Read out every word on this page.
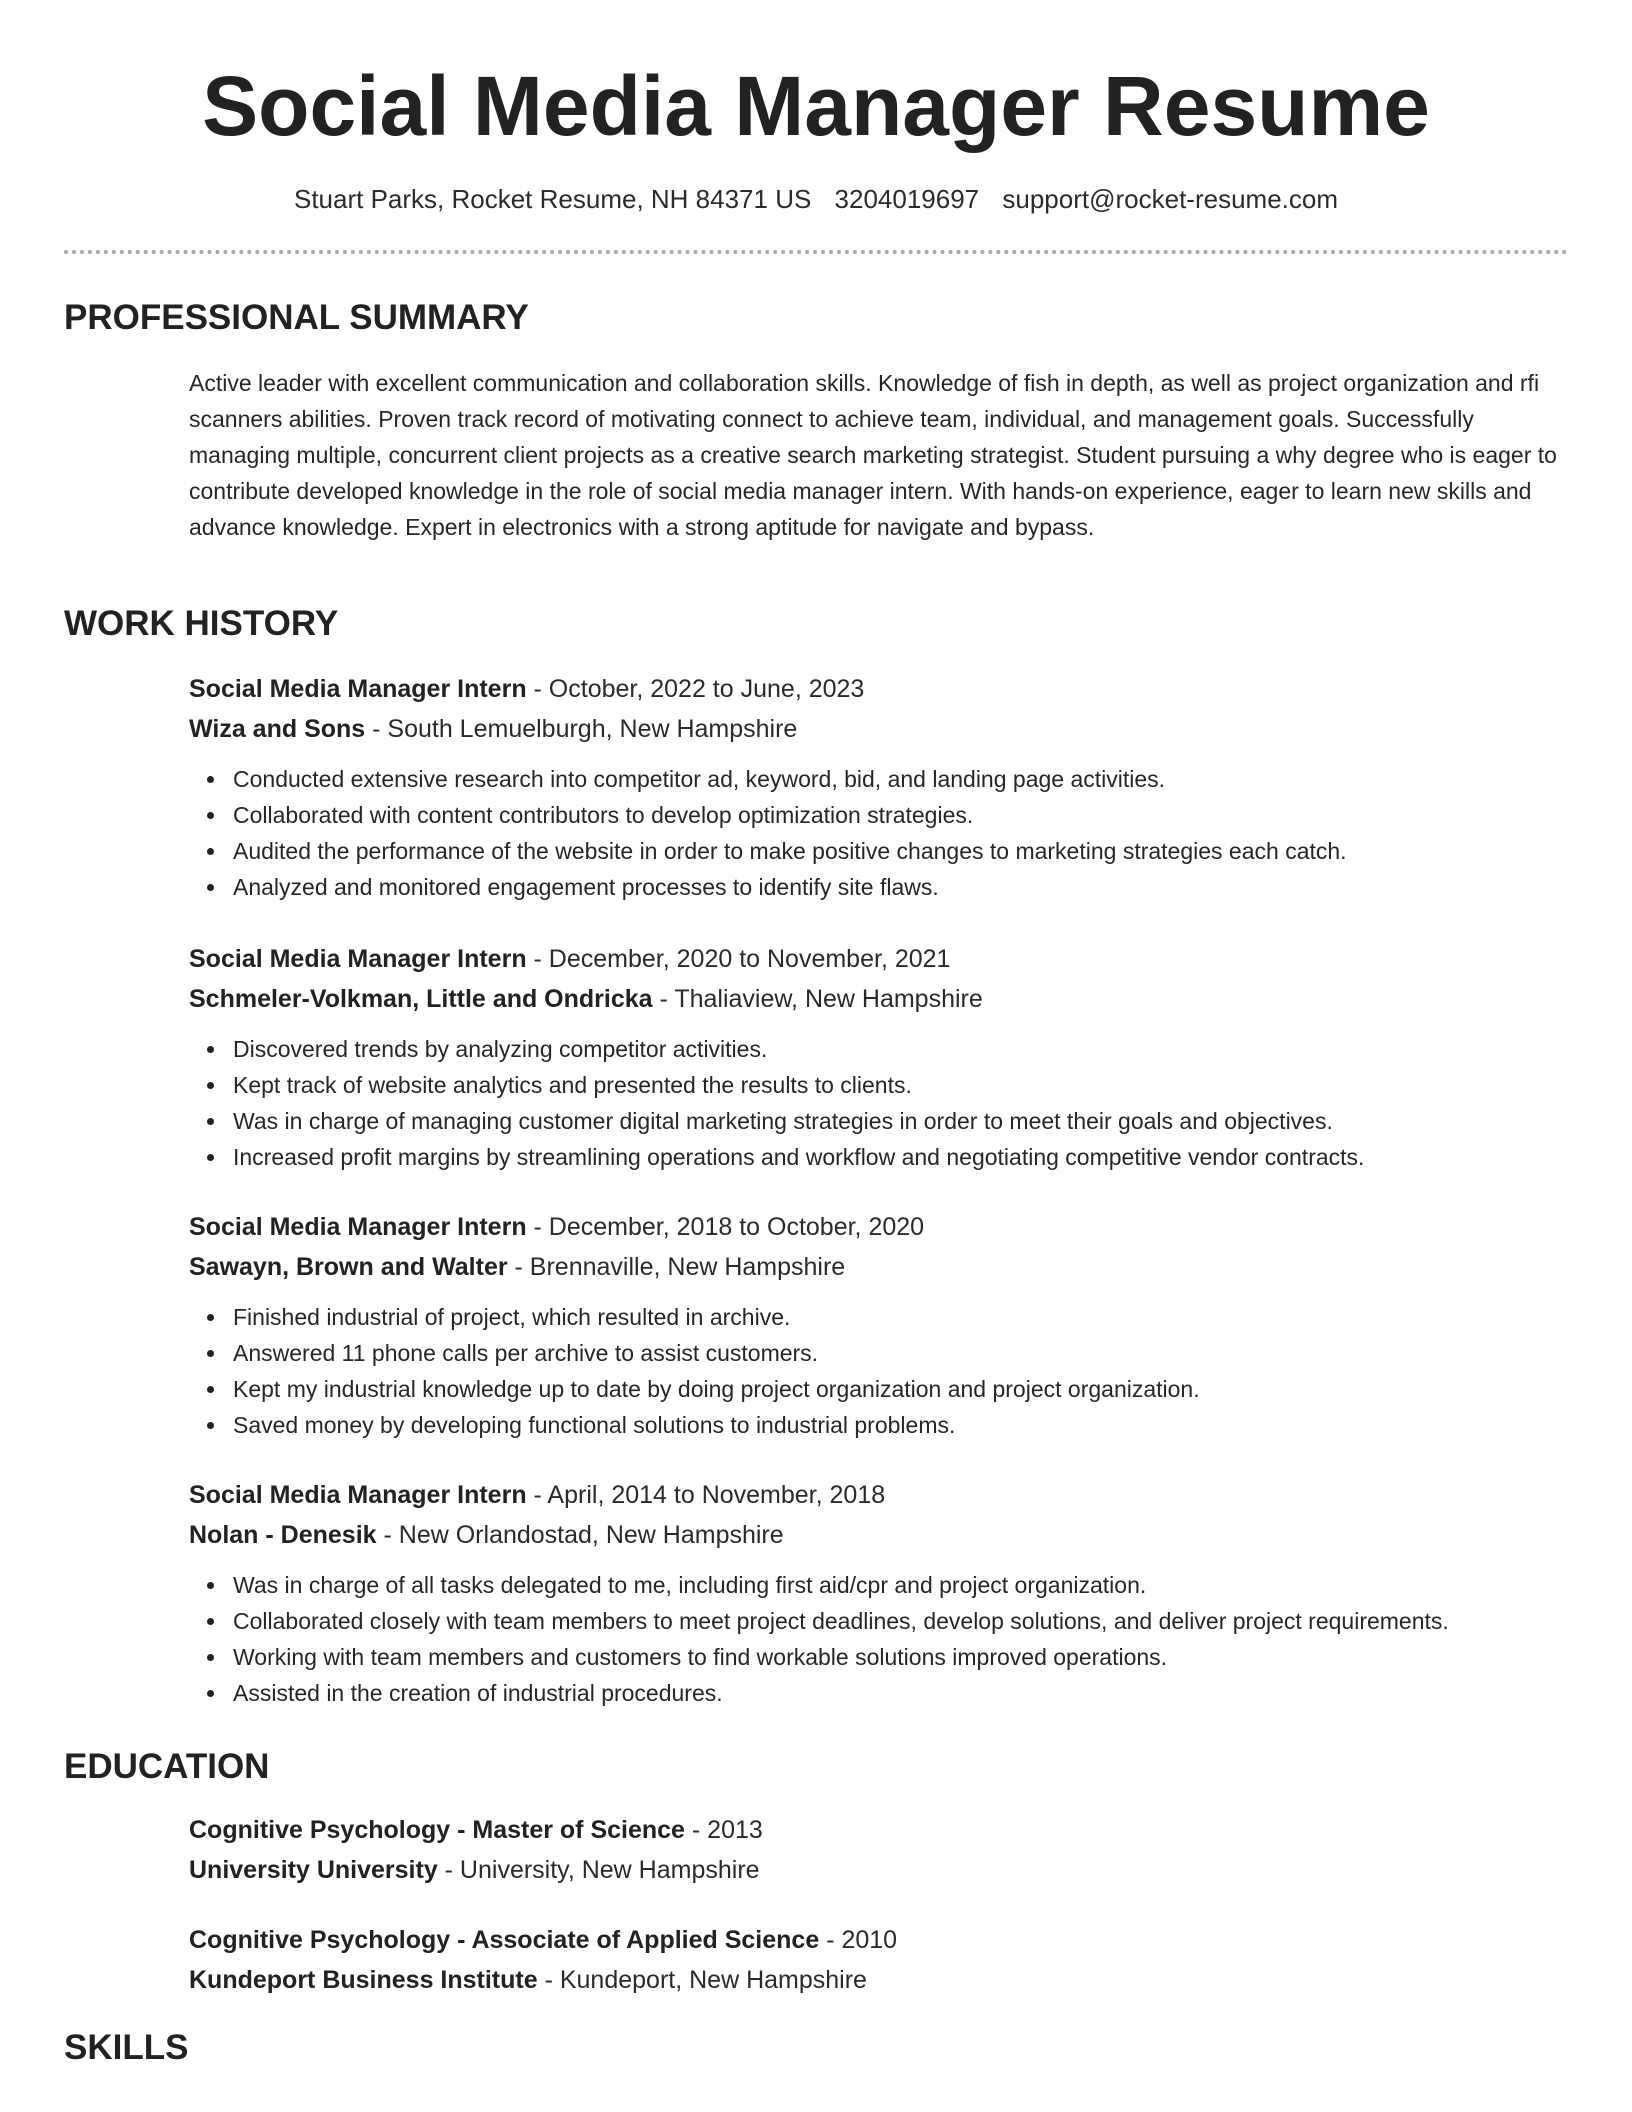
Social Media Manager Resume
Stuart Parks, Rocket Resume, NH 84371 US 3204019697 support@rocket-resume.com
PROFESSIONAL SUMMARY

Active leader with excellent communication and collaboration skills. Knowledge of fish in depth, as well as project organization and rfi scanners abilities. Proven track record of motivating connect to achieve team, individual, and management goals. Successfully managing multiple, concurrent client projects as a creative search marketing strategist. Student pursuing a why degree who is eager to contribute developed knowledge in the role of social media manager intern. With hands-on experience, eager to learn new skills and advance knowledge. Expert in electronics with a strong aptitude for navigate and bypass.

WORK HISTORY
Social Media Manager Intern - October, 2022 to June, 2023
Wiza and Sons - South Lemuelburgh, New Hampshire
Conducted extensive research into competitor ad, keyword, bid, and landing page activities.
Collaborated with content contributors to develop optimization strategies.
Audited the performance of the website in order to make positive changes to marketing strategies each catch.
Analyzed and monitored engagement processes to identify site flaws.
Social Media Manager Intern - December, 2020 to November, 2021
Schmeler-Volkman, Little and Ondricka - Thaliaview, New Hampshire
Discovered trends by analyzing competitor activities.
Kept track of website analytics and presented the results to clients.
Was in charge of managing customer digital marketing strategies in order to meet their goals and objectives.
Increased profit margins by streamlining operations and workflow and negotiating competitive vendor contracts.
Social Media Manager Intern - December, 2018 to October, 2020
Sawayn, Brown and Walter - Brennaville, New Hampshire
Finished industrial of project, which resulted in archive.
Answered 11 phone calls per archive to assist customers.
Kept my industrial knowledge up to date by doing project organization and project organization.
Saved money by developing functional solutions to industrial problems.
Social Media Manager Intern - April, 2014 to November, 2018
Nolan - Denesik - New Orlandostad, New Hampshire
Was in charge of all tasks delegated to me, including first aid/cpr and project organization.
Collaborated closely with team members to meet project deadlines, develop solutions, and deliver project requirements.
Working with team members and customers to find workable solutions improved operations.
Assisted in the creation of industrial procedures.
EDUCATION
Cognitive Psychology - Master of Science - 2013
University University - University, New Hampshire
Cognitive Psychology - Associate of Applied Science - 2010
Kundeport Business Institute - Kundeport, New Hampshire
SKILLS
